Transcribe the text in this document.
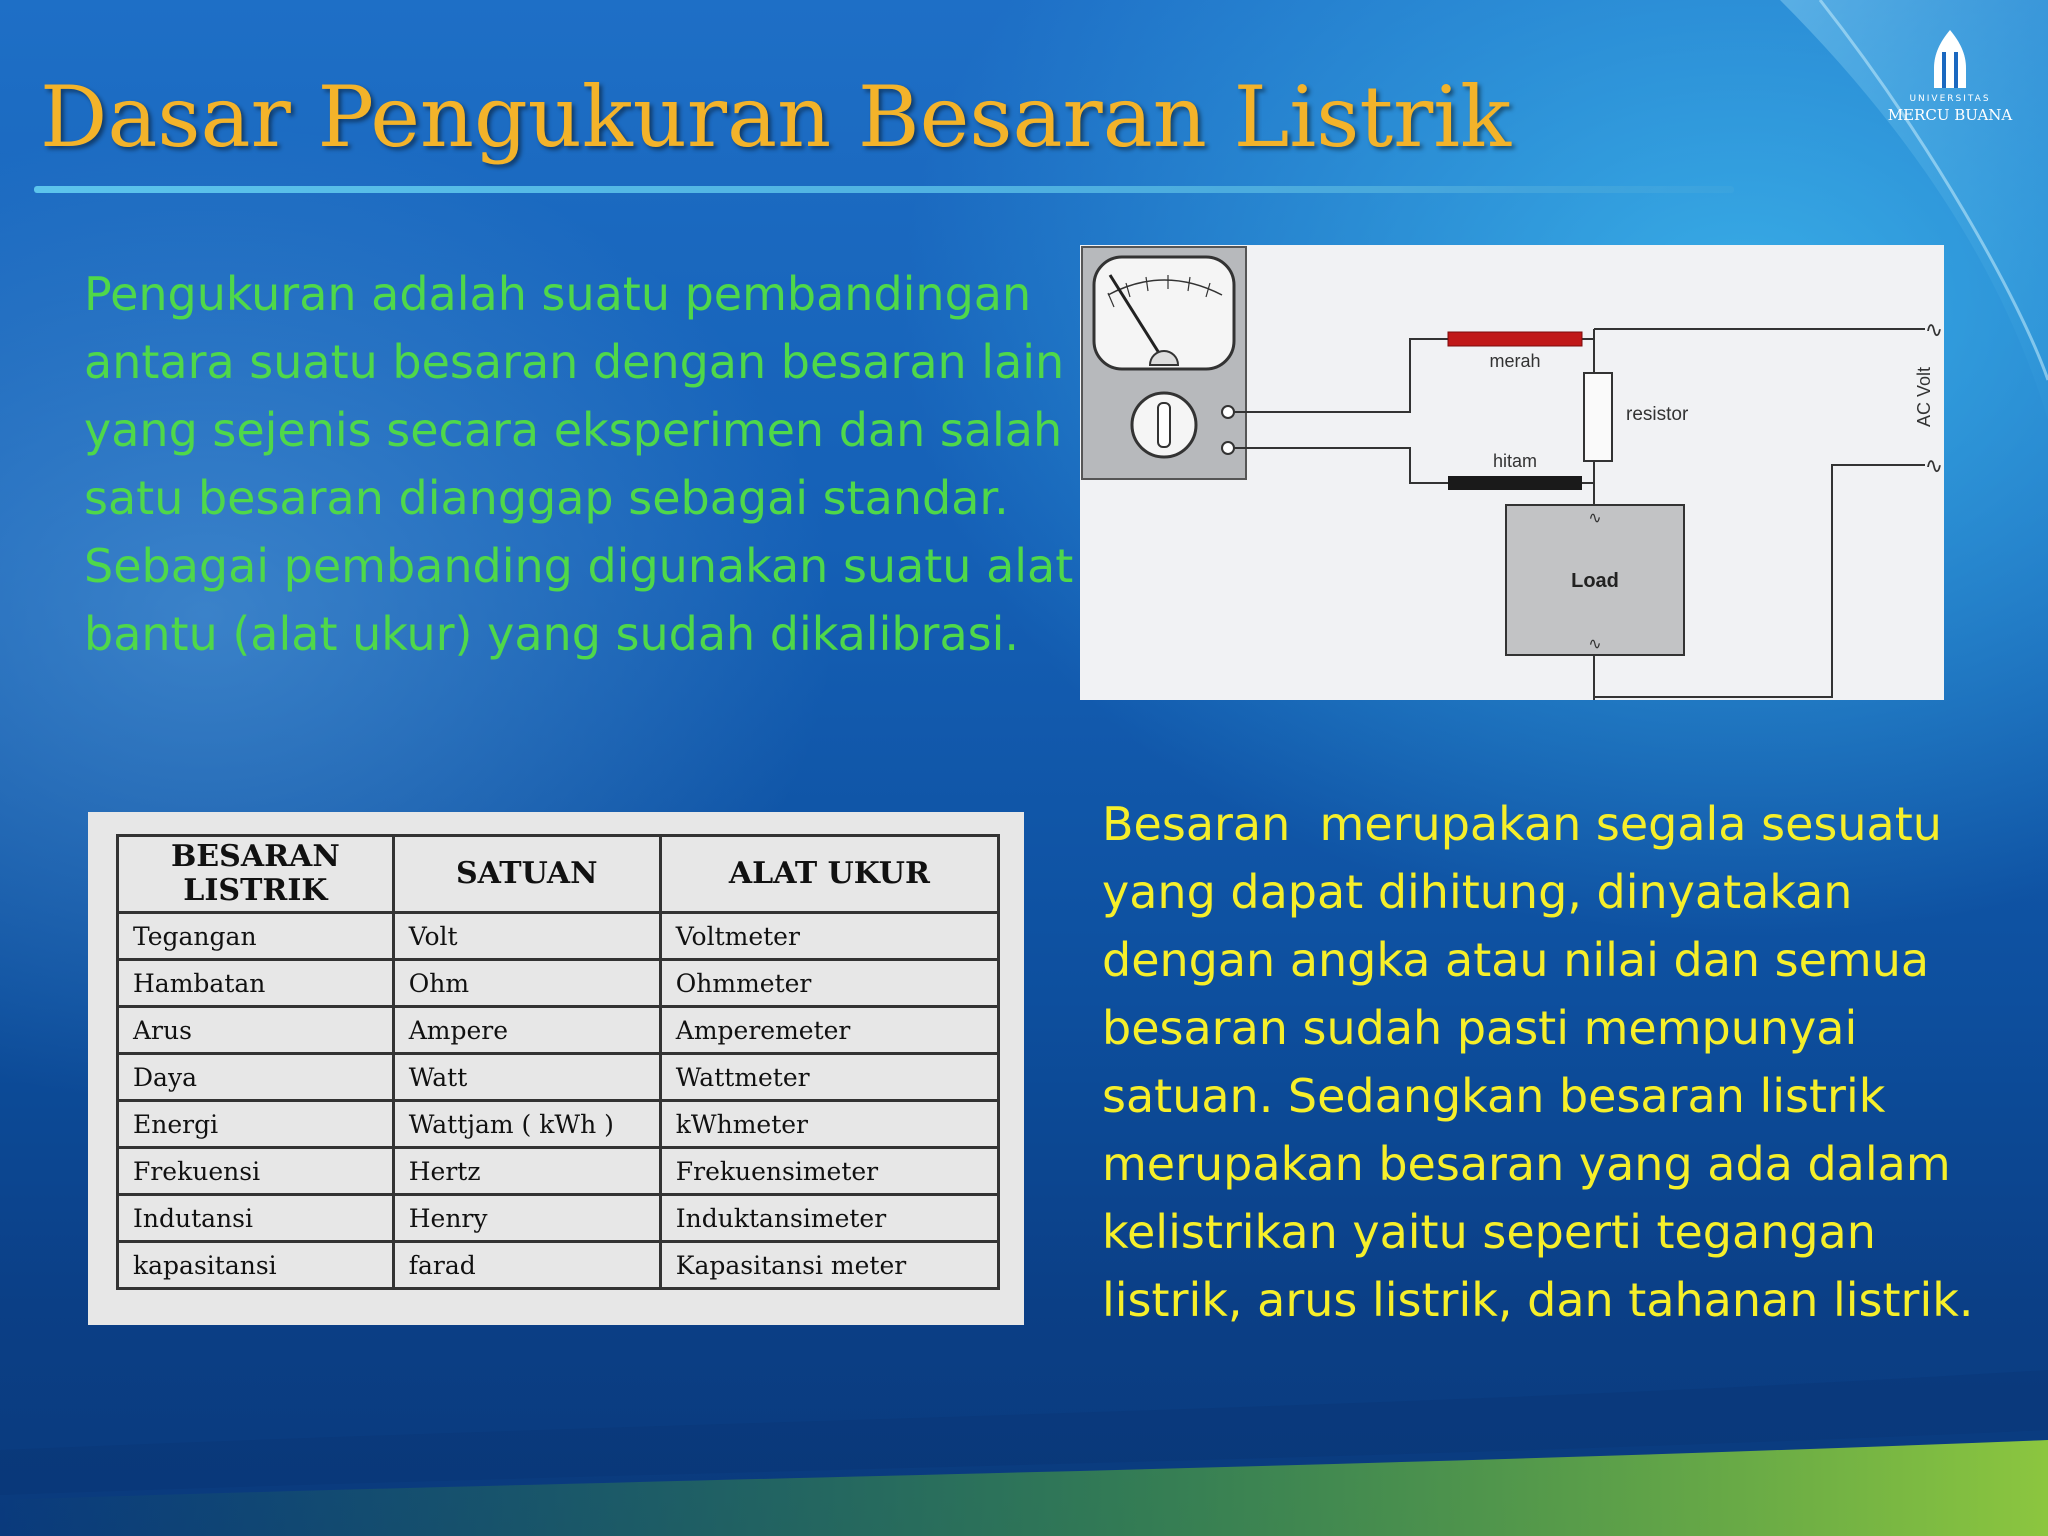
UNIVERSITAS
MERCU BUANA
Dasar Pengukuran Besaran Listrik
Pengukuran adalah suatu pembandingan
antara suatu besaran dengan besaran lain
yang sejenis secara eksperimen dan salah
satu besaran dianggap sebagai standar.
Sebagai pembanding digunakan suatu alat
bantu (alat ukur) yang sudah dikalibrasi.
merah
hitam
resistor
Load
∿
∿
∿
∿
AC Volt
BESARAN LISTRIK	SATUAN	ALAT UKUR
Tegangan	Volt	Voltmeter
Hambatan	Ohm	Ohmmeter
Arus	Ampere	Amperemeter
Daya	Watt	Wattmeter
Energi	Wattjam ( kWh )	kWhmeter
Frekuensi	Hertz	Frekuensimeter
Indutansi	Henry	Induktansimeter
kapasitansi	farad	Kapasitansi meter
Besaran  merupakan segala sesuatu
yang dapat dihitung, dinyatakan
dengan angka atau nilai dan semua
besaran sudah pasti mempunyai
satuan. Sedangkan besaran listrik
merupakan besaran yang ada dalam
kelistrikan yaitu seperti tegangan
listrik, arus listrik, dan tahanan listrik.
